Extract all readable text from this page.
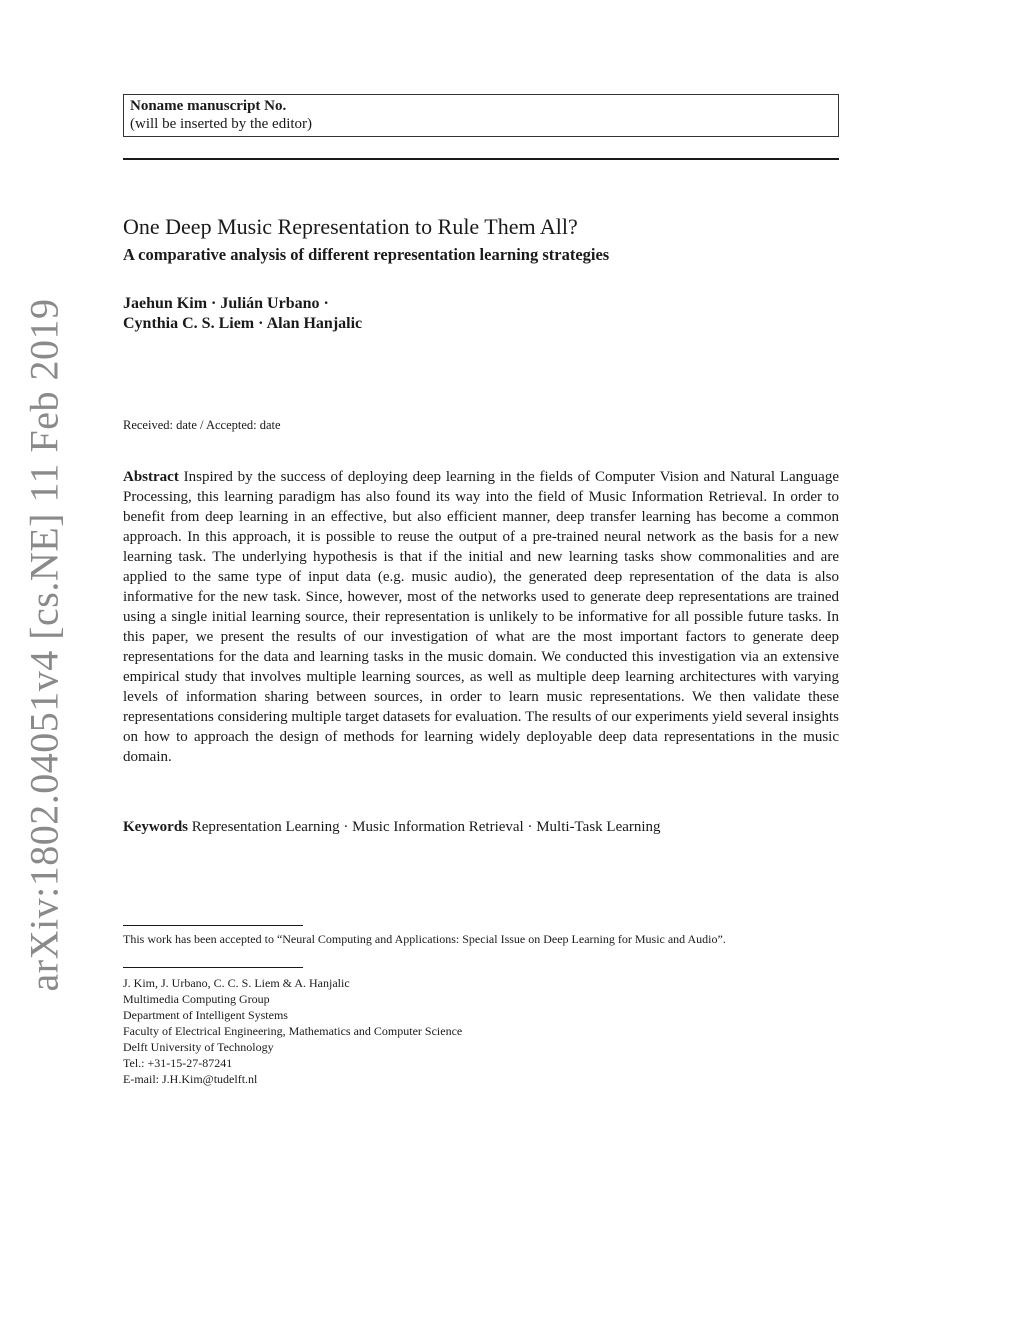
arXiv:1802.04051v4 [cs.NE] 11 Feb 2019
Noname manuscript No.
(will be inserted by the editor)
One Deep Music Representation to Rule Them All?
A comparative analysis of different representation learning strategies
Jaehun Kim · Julián Urbano ·
Cynthia C. S. Liem · Alan Hanjalic
Received: date / Accepted: date
Abstract Inspired by the success of deploying deep learning in the fields of Computer Vision and Natural Language Processing, this learning paradigm has also found its way into the field of Music Information Retrieval. In order to benefit from deep learning in an effective, but also efficient manner, deep transfer learning has become a common approach. In this approach, it is possible to reuse the output of a pre-trained neural network as the basis for a new learning task. The underlying hypothesis is that if the initial and new learning tasks show commonalities and are applied to the same type of input data (e.g. music audio), the generated deep representation of the data is also informative for the new task. Since, however, most of the networks used to generate deep representations are trained using a single initial learning source, their representation is unlikely to be informative for all possible future tasks. In this paper, we present the results of our investigation of what are the most important factors to generate deep representations for the data and learning tasks in the music domain. We conducted this investigation via an extensive empirical study that involves multiple learning sources, as well as multiple deep learning architectures with varying levels of information sharing between sources, in order to learn music representations. We then validate these representations considering multiple target datasets for evaluation. The results of our experiments yield several insights on how to approach the design of methods for learning widely deployable deep data representations in the music domain.
Keywords Representation Learning · Music Information Retrieval · Multi-Task Learning
This work has been accepted to “Neural Computing and Applications: Special Issue on Deep Learning for Music and Audio”.
J. Kim, J. Urbano, C. C. S. Liem & A. Hanjalic
Multimedia Computing Group
Department of Intelligent Systems
Faculty of Electrical Engineering, Mathematics and Computer Science
Delft University of Technology
Tel.: +31-15-27-87241
E-mail: J.H.Kim@tudelft.nl
